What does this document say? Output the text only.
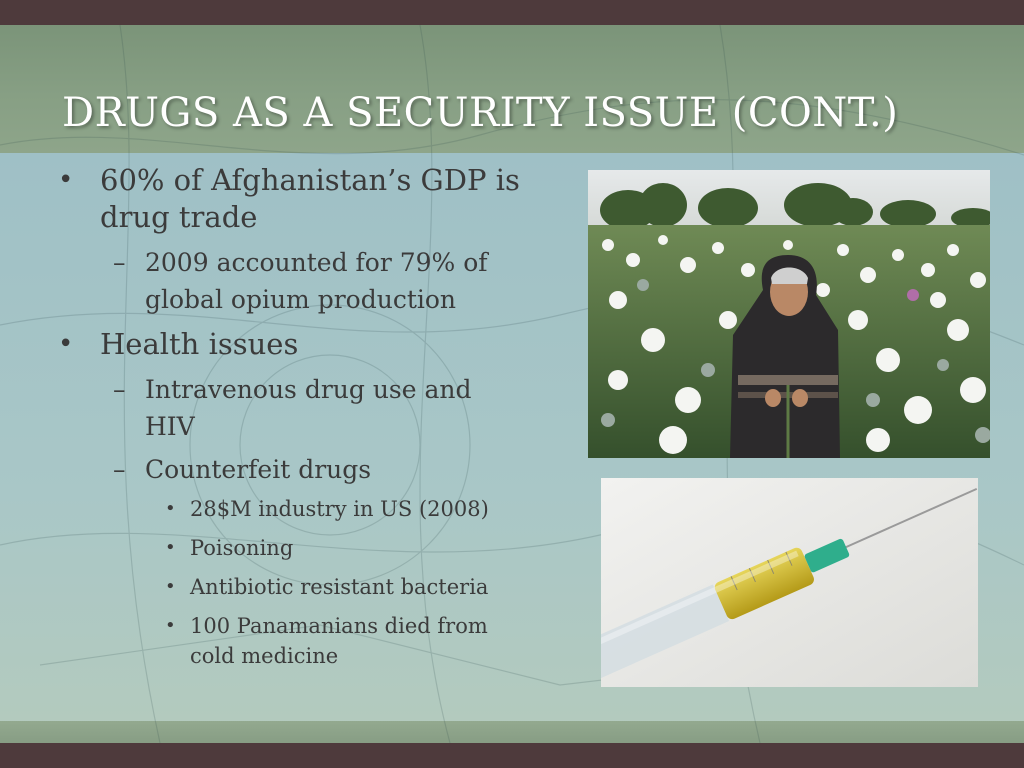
DRUGS AS A SECURITY ISSUE (CONT.)
• 60% of Afghanistan’s GDP is drug trade
– 2009 accounted for 79% of global opium production
• Health issues
– Intravenous drug use and HIV
– Counterfeit drugs
• 28$M industry in US (2008)
• Poisoning
• Antibiotic resistant bacteria
• 100 Panamanians died from cold medicine
